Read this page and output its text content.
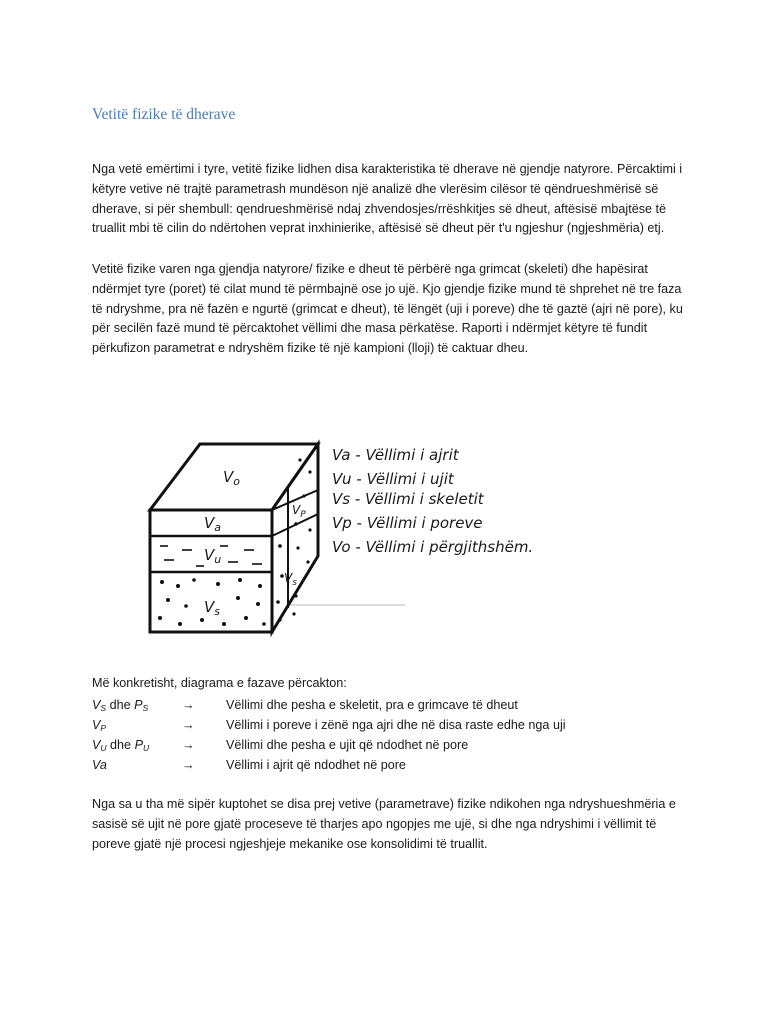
Vetitë fizike të dherave

Nga vetë emërtimi i tyre, vetitë fizike lidhen disa karakteristika të dherave në gjendje natyrore. Përcaktimi i këtyre vetive në trajtë parametrash mundëson një analizë dhe vlerësim cilësor të qëndrueshmërisë së dherave, si për shembull: qendrueshmërisë ndaj zhvendosjes/rrëshkitjes së dheut, aftësisë mbajtëse të truallit mbi të cilin do ndërtohen veprat inxhinierike, aftësisë së dheut për t'u ngjeshur (ngjeshmëria) etj.

Vetitë fizike varen nga gjendja natyrore/ fizike e dheut të përbërë nga grimcat (skeleti) dhe hapësirat ndërmjet tyre (poret) të cilat mund të përmbajnë ose jo ujë. Kjo gjendje fizike mund të shprehet në tre faza të ndryshme, pra në fazën e ngurtë (grimcat e dheut), të lëngët (uji i poreve) dhe të gaztë (ajri në pore), ku për secilën fazë mund të përcaktohet vëllimi dhe masa përkatëse. Raporti i ndërmjet këtyre të fundit përkufizon parametrat e ndryshëm fizike të një kampioni (lloji) të caktuar dheu.

$V_o$
$V_a$
$V_u$
$V_s$
$V_P$
$V_s$
Va - Vëllimi i ajrit
Vu - Vëllimi i ujit
Vs - Vëllimi i skeletit
Vp - Vëllimi i poreve
Vo - Vëllimi i përgjithshëm.
Më konkretisht, diagrama e fazave përcakton:
$V_S$ dhe $P_S$	→ Vëllimi dhe pesha e skeletit, pra e grimcave të dheut
$V_P$	→ Vëllimi i poreve i zënë nga ajri dhe në disa raste edhe nga uji
$V_U$ dhe $P_U$	→ Vëllimi dhe pesha e ujit që ndodhet në pore
Va	→ Vëllimi i ajrit që ndodhet në pore

Nga sa u tha më sipër kuptohet se disa prej vetive (parametrave) fizike ndikohen nga ndryshueshmëria e sasisë së ujit në pore gjatë proceseve të tharjes apo ngopjes me ujë, si dhe nga ndryshimi i vëllimit të poreve gjatë një procesi ngjeshjeje mekanike ose konsolidimi të truallit.
